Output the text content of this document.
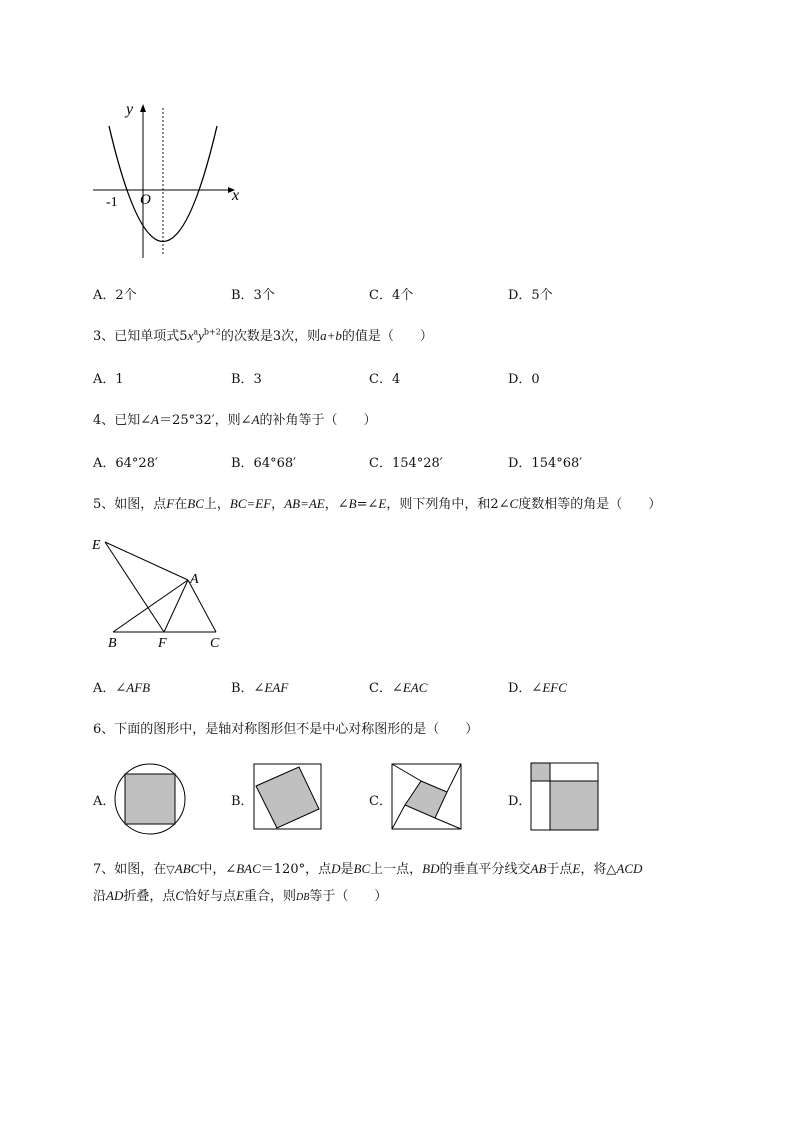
y
x
O
-1
A．2个	B．3个	C．4个	D．5个
3、已知单项式$5x^ay^{b+2}$的次数是3次，则a+b的值是（　　）
A．1	B．3	C．4	D．0
4、已知∠A＝25°32′，则∠A的补角等于（　　）
A．64°28′	B．64°68′	C．154°28′	D．154°68′
5、如图，点F在BC上，BC=EF，AB=AE，∠B=∠E，则下列角中，和2∠C度数相等的角是（　　）
E
A
B	F	C
A．∠AFB	B．∠EAF	C．∠EAC	D．∠EFC
6、下面的图形中，是轴对称图形但不是中心对称图形的是（　　）
A．	B．	C．	D．
7、如图，在▽ABC中，∠BAC＝120°，点D是BC上一点，BD的垂直平分线交AB于点E，将△ACD
沿AD折叠，点C恰好与点E重合，则DB等于（　　）
